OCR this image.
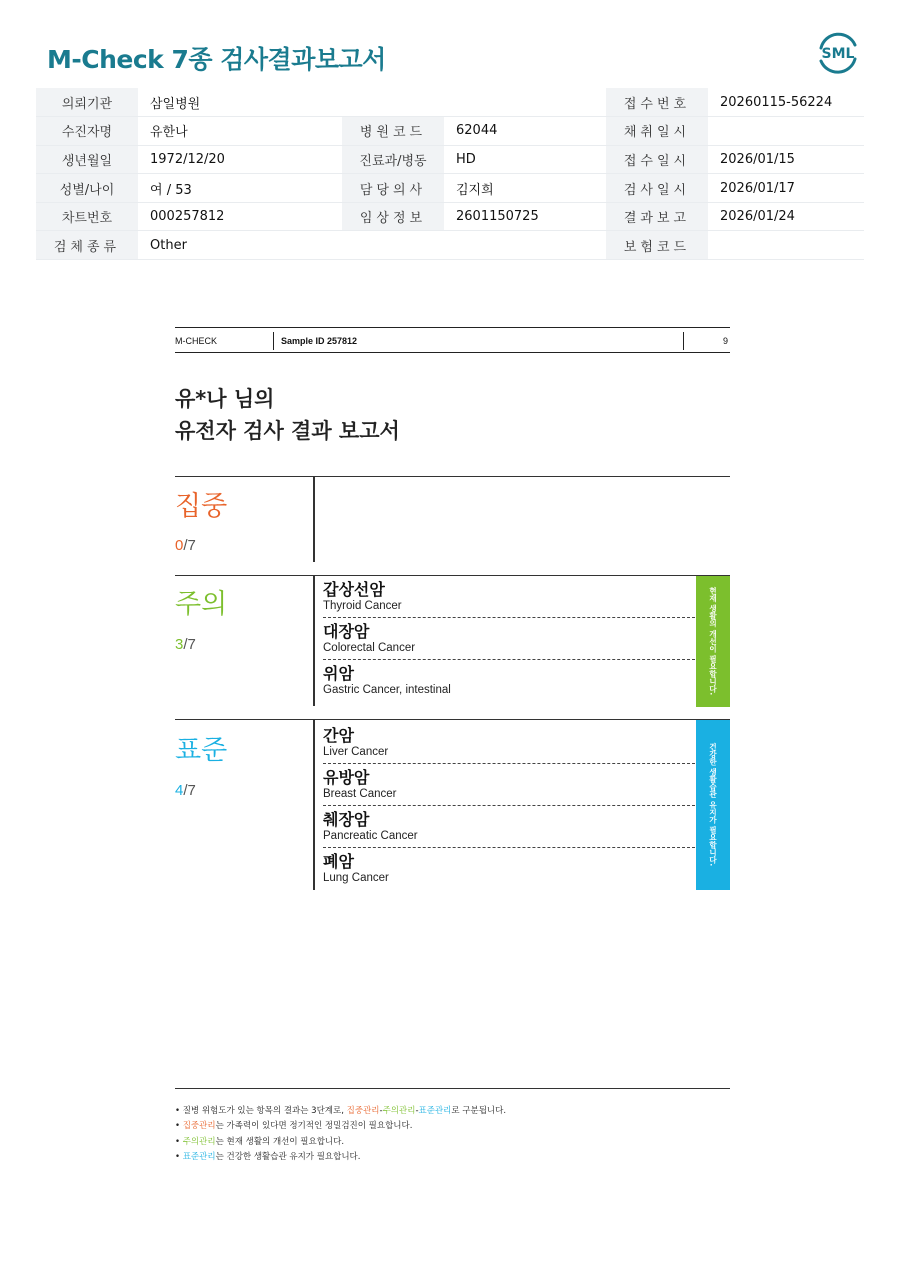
M-Check 7종 검사결과보고서	SML
의뢰기관	삼일병원			접수번호	20260115-56224
수진자명	유한나	병원코드	62044	채취일시	
생년월일	1972/12/20	진료과/병동	HD	접수일시	2026/01/15
성별/나이	여 / 53	담당의사	김지희	검사일시	2026/01/17
차트번호	000257812	임상정보	2601150725	결과보고	2026/01/24
검체종류	Other			보험코드	
M-CHECK	Sample ID 257812	9
유*나 님의
유전자 검사 결과 보고서
집중
0/7
주의
3/7
갑상선암
Thyroid Cancer
대장암
Colorectal Cancer
위암
Gastric Cancer, intestinal	현재 생활의 개선이 필요합니다.
표준
4/7
간암
Liver Cancer
유방암
Breast Cancer
췌장암
Pancreatic Cancer
폐암
Lung Cancer
건강한 생활습관 유지가 필요합니다.
• 질병 위험도가 있는 항목의 결과는 3단계로, 집중관리-주의관리-표준관리로 구분됩니다.
• 집중관리는 가족력이 있다면 정기적인 정밀검진이 필요합니다.
• 주의관리는 현재 생활의 개선이 필요합니다.
• 표준관리는 건강한 생활습관 유지가 필요합니다.
